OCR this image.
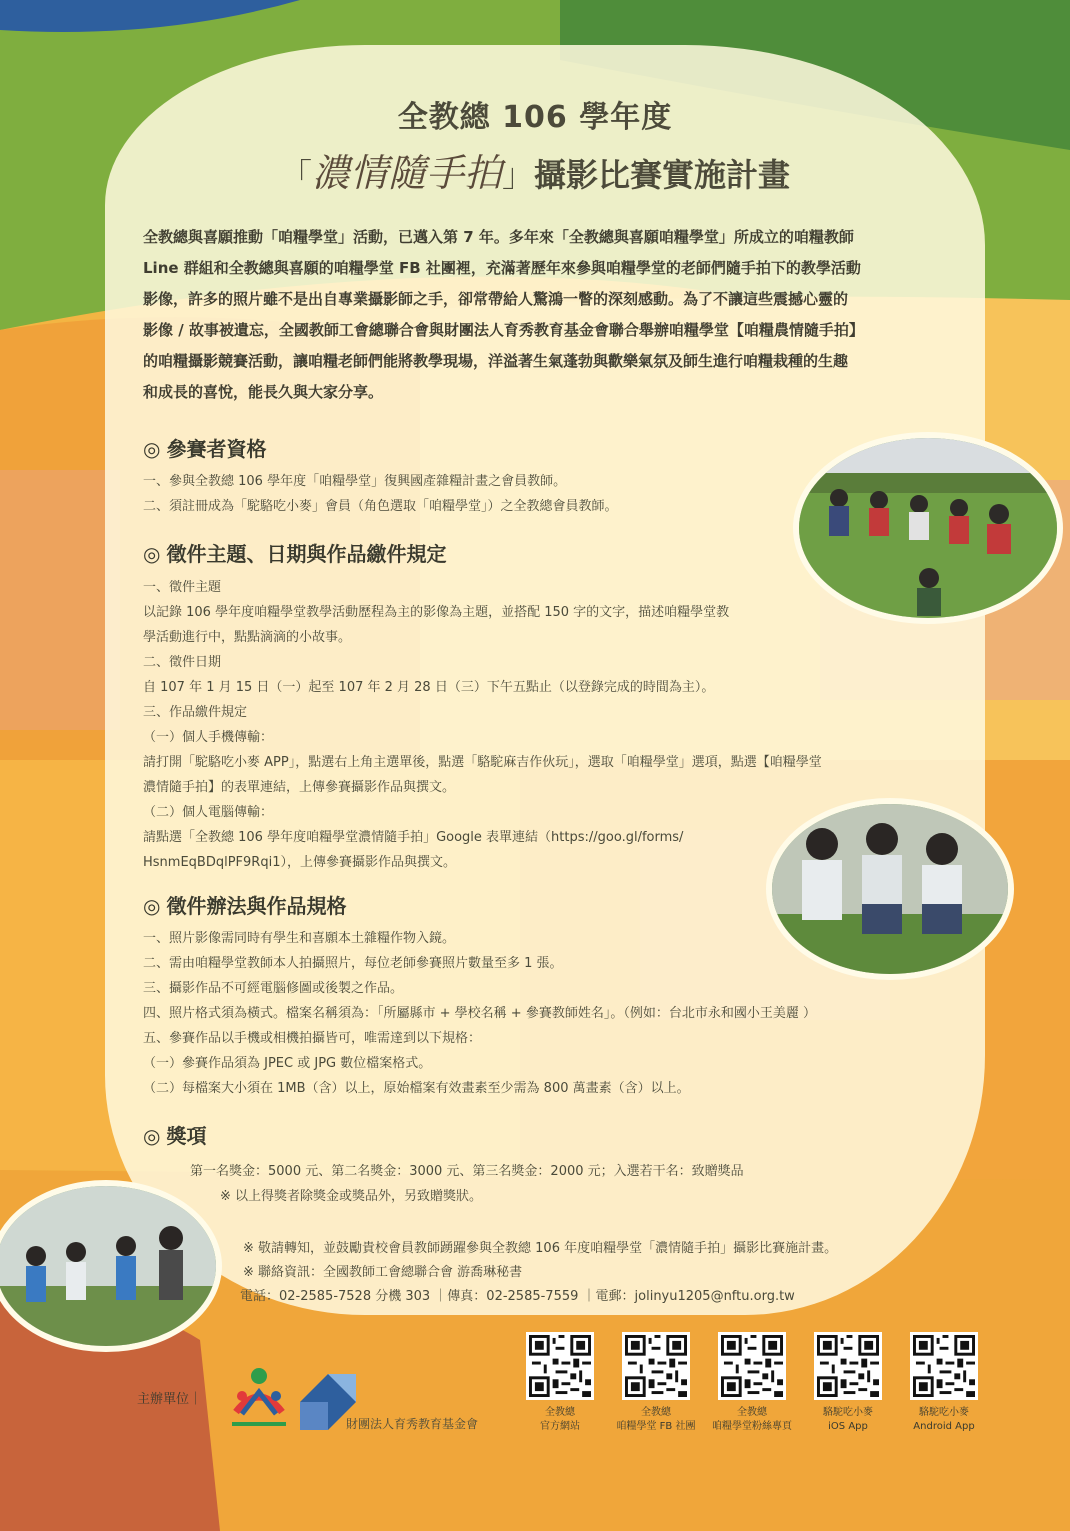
全教總 106 學年度
「濃情隨手拍」攝影比賽實施計畫

全教總與喜願推動「咱糧學堂」活動，已邁入第 7 年。多年來「全教總與喜願咱糧學堂」所成立的咱糧教師

Line 群組和全教總與喜願的咱糧學堂 FB 社團裡，充滿著歷年來參與咱糧學堂的老師們隨手拍下的教學活動

影像，許多的照片雖不是出自專業攝影師之手，卻常帶給人驚鴻一瞥的深刻感動。為了不讓這些震撼心靈的

影像 / 故事被遺忘，全國教師工會總聯合會與財團法人育秀教育基金會聯合舉辦咱糧學堂【咱糧農情隨手拍】

的咱糧攝影競賽活動，讓咱糧老師們能將教學現場，洋溢著生氣蓬勃與歡樂氣氛及師生進行咱糧栽種的生趣

和成長的喜悅，能長久與大家分享。

◎ 參賽者資格

一、參與全教總 106 學年度「咱糧學堂」復興國產雜糧計畫之會員教師。

二、須註冊成為「駝駱吃小麥」會員（角色選取「咱糧學堂」）之全教總會員教師。

◎ 徵件主題、日期與作品繳件規定

一、徵件主題

以記錄 106 學年度咱糧學堂教學活動歷程為主的影像為主題，並搭配 150 字的文字，描述咱糧學堂教

學活動進行中，點點滴滴的小故事。

二、徵件日期

自 107 年 1 月 15 日（一）起至 107 年 2 月 28 日（三）下午五點止（以登錄完成的時間為主）。

三、作品繳件規定

（一）個人手機傳輸：

請打開「駝駱吃小麥 APP」，點選右上角主選單後，點選「駱駝麻吉作伙玩」，選取「咱糧學堂」選項，點選【咱糧學堂

濃情隨手拍】的表單連結，上傳參賽攝影作品與撰文。

（二）個人電腦傳輸：

請點選「全教總 106 學年度咱糧學堂濃情隨手拍」Google 表單連結（https://goo.gl/forms/

HsnmEqBDqlPF9Rqi1），上傳參賽攝影作品與撰文。

◎ 徵件辦法與作品規格

一、照片影像需同時有學生和喜願本土雜糧作物入鏡。

二、需由咱糧學堂教師本人拍攝照片，每位老師參賽照片數量至多 1 張。

三、攝影作品不可經電腦修圖或後製之作品。

四、照片格式須為橫式。檔案名稱須為：「所屬縣市 + 學校名稱 + 參賽教師姓名」。（例如：台北市永和國小王美麗 ）

五、參賽作品以手機或相機拍攝皆可，唯需達到以下規格：

（一）參賽作品須為 JPEC 或 JPG 數位檔案格式。

（二）每檔案大小須在 1MB（含）以上，原始檔案有效畫素至少需為 800 萬畫素（含）以上。

◎ 獎項
第一名獎金：5000 元、第二名獎金：3000 元、第三名獎金：2000 元；入選若干名：致贈獎品
※ 以上得獎者除獎金或獎品外，另致贈獎狀。
※ 敬請轉知，並鼓勵貴校會員教師踴躍參與全教總 106 年度咱糧學堂「濃情隨手拍」攝影比賽施計畫。
※ 聯絡資訊：全國教師工會總聯合會 游喬琳秘書
電話：02-2585-7528 分機 303 ｜傳真：02-2585-7559 ｜電郵：jolinyu1205@nftu.org.tw
主辦單位｜
財團法人育秀教育基金會
全教總
官方網站
全教總
咱糧學堂 FB 社團
全教總
咱糧學堂粉絲專頁
駱駝吃小麥
iOS App
駱駝吃小麥
Android App
